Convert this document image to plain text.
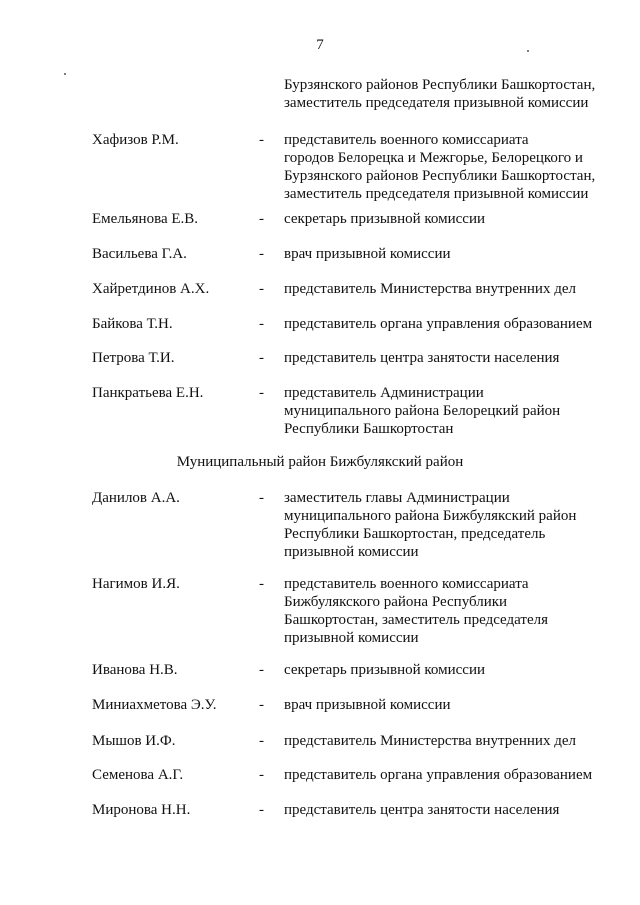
7
Бурзянского районов Республики Башкортостан,
заместитель председателя призывной комиссии
Хафизов Р.М.	- представитель военного комиссариата
городов Белорецка и Межгорье, Белорецкого и
Бурзянского районов Республики Башкортостан,
заместитель председателя призывной комиссии
Емельянова Е.В.	- секретарь призывной комиссии
Васильева Г.А.	- врач призывной комиссии
Хайретдинов А.Х.	- представитель Министерства внутренних дел
Байкова Т.Н.	- представитель органа управления образованием
Петрова Т.И.	- представитель центра занятости населения
Панкратьева Е.Н.	- представитель Администрации
муниципального района Белорецкий район
Республики Башкортостан
Муниципальный район Бижбулякский район
Данилов А.А.	- заместитель главы Администрации
муниципального района Бижбулякский район
Республики Башкортостан, председатель
призывной комиссии
Нагимов И.Я.	- представитель военного комиссариата
Бижбулякского района Республики
Башкортостан, заместитель председателя
призывной комиссии
Иванова Н.В.	- секретарь призывной комиссии
Миниахметова Э.У.	- врач призывной комиссии
Мышов И.Ф.	- представитель Министерства внутренних дел
Семенова А.Г.	- представитель органа управления образованием
Миронова Н.Н.	- представитель центра занятости населения
